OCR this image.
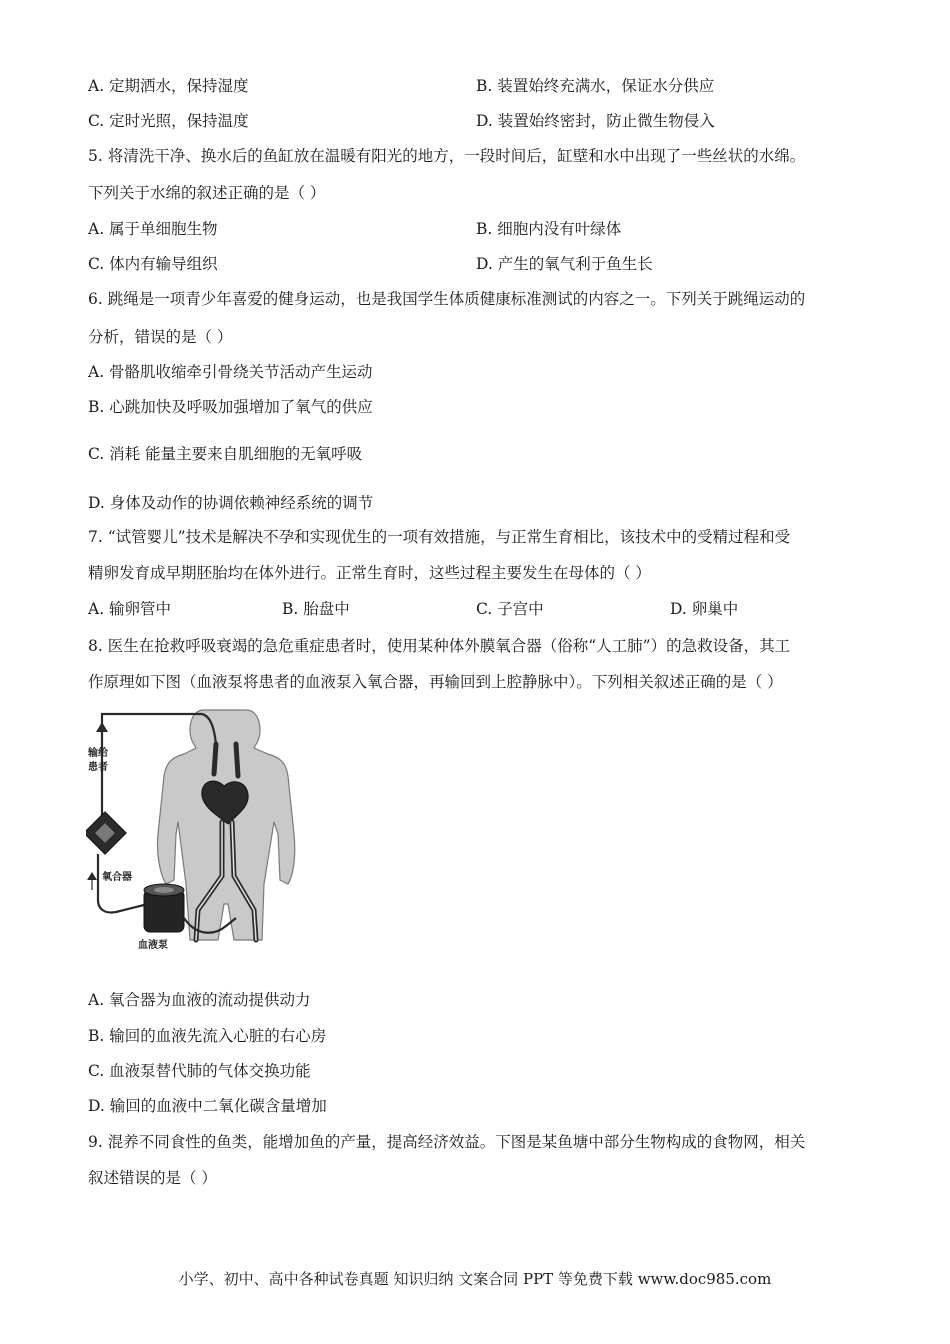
A. 定期洒水，保持湿度	B. 装置始终充满水，保证水分供应
C. 定时光照，保持温度	D. 装置始终密封，防止微生物侵入
5. 将清洗干净、换水后的鱼缸放在温暖有阳光的地方，一段时间后，缸壁和水中出现了一些丝状的水绵。
下列关于水绵的叙述正确的是（ ）
A. 属于单细胞生物	B. 细胞内没有叶绿体
C. 体内有输导组织	D. 产生的氧气利于鱼生长
6. 跳绳是一项青少年喜爱的健身运动，也是我国学生体质健康标准测试的内容之一。下列关于跳绳运动的
分析，错误的是（ ）
A. 骨骼肌收缩牵引骨绕关节活动产生运动
B. 心跳加快及呼吸加强增加了氧气的供应
C. 消耗 能量主要来自肌细胞的无氧呼吸
D. 身体及动作的协调依赖神经系统的调节
7. “试管婴儿”技术是解决不孕和实现优生的一项有效措施，与正常生育相比，该技术中的受精过程和受
精卵发育成早期胚胎均在体外进行。正常生育时，这些过程主要发生在母体的（ ）
A. 输卵管中	B. 胎盘中	C. 子宫中	D. 卵巢中
8. 医生在抢救呼吸衰竭的急危重症患者时，使用某种体外膜氧合器（俗称“人工肺”）的急救设备，其工
作原理如下图（血液泵将患者的血液泵入氧合器，再输回到上腔静脉中）。下列相关叙述正确的是（ ）
输给 患者
氧合器
血液泵
A. 氧合器为血液的流动提供动力
B. 输回的血液先流入心脏的右心房
C. 血液泵替代肺的气体交换功能
D. 输回的血液中二氧化碳含量增加
9. 混养不同食性的鱼类，能增加鱼的产量，提高经济效益。下图是某鱼塘中部分生物构成的食物网，相关
叙述错误的是（ ）
小学、初中、高中各种试卷真题 知识归纳 文案合同 PPT 等免费下载 www.doc985.com
